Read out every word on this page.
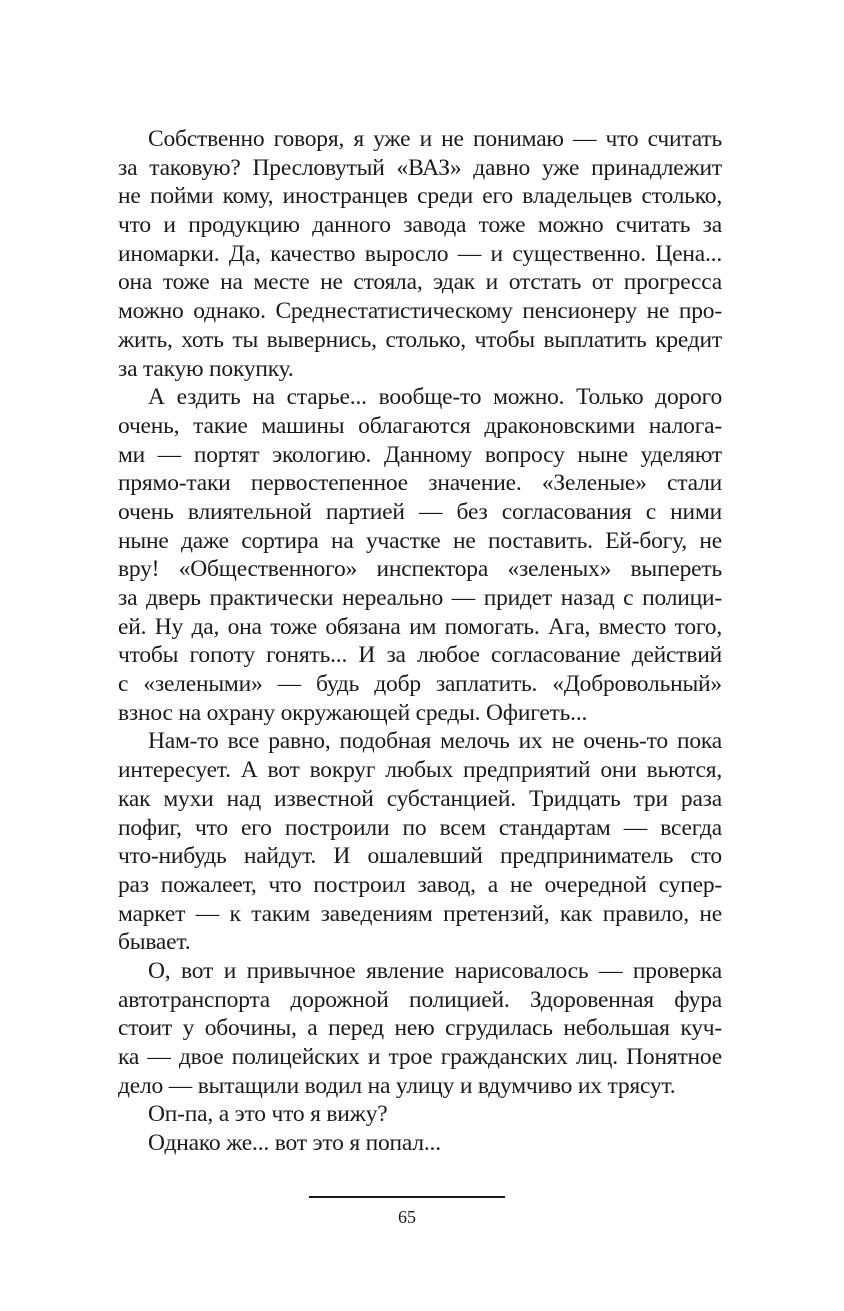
Собственно говоря, я уже и не понимаю — что считать
за таковую? Пресловутый «ВАЗ» давно уже принадлежит
не пойми кому, иностранцев среди его владельцев столько,
что и продукцию данного завода тоже можно считать за
иномарки. Да, качество выросло — и существенно. Цена...
она тоже на месте не стояла, эдак и отстать от прогресса
можно однако. Среднестатистическому пенсионеру не про-
жить, хоть ты вывернись, столько, чтобы выплатить кредит
за такую покупку.
А ездить на старье... вообще-то можно. Только дорого
очень, такие машины облагаются драконовскими налога-
ми — портят экологию. Данному вопросу ныне уделяют
прямо-таки первостепенное значение. «Зеленые» стали
очень влиятельной партией — без согласования с ними
ныне даже сортира на участке не поставить. Ей-богу, не
вру! «Общественного» инспектора «зеленых» выпереть
за дверь практически нереально — придет назад с полици-
ей. Ну да, она тоже обязана им помогать. Ага, вместо того,
чтобы гопоту гонять... И за любое согласование действий
с «зелеными» — будь добр заплатить. «Добровольный»
взнос на охрану окружающей среды. Офигеть...
Нам-то все равно, подобная мелочь их не очень-то пока
интересует. А вот вокруг любых предприятий они вьются,
как мухи над известной субстанцией. Тридцать три раза
пофиг, что его построили по всем стандартам — всегда
что-нибудь найдут. И ошалевший предприниматель сто
раз пожалеет, что построил завод, а не очередной супер-
маркет — к таким заведениям претензий, как правило, не
бывает.
О, вот и привычное явление нарисовалось — проверка
автотранспорта дорожной полицией. Здоровенная фура
стоит у обочины, а перед нею сгрудилась небольшая куч-
ка — двое полицейских и трое гражданских лиц. Понятное
дело — вытащили водил на улицу и вдумчиво их трясут.
Оп-па, а это что я вижу?
Однако же... вот это я попал...
65
